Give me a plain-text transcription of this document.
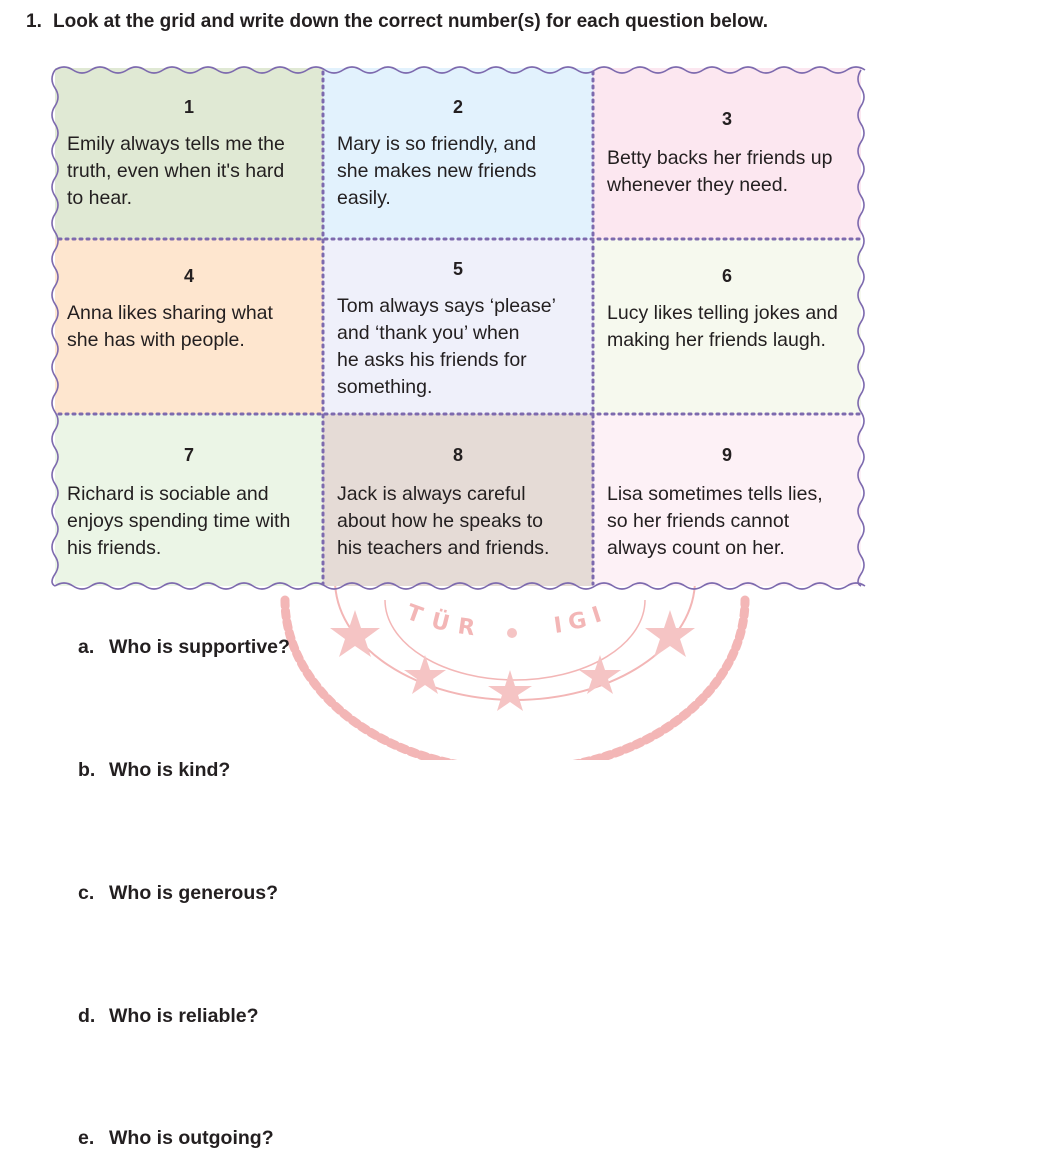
1. Look at the grid and write down the correct number(s) for each question below.
T Ü R	I G I
1
Emily always tells me the
truth, even when it's hard
to hear.
2
Mary is so friendly, and
she makes new friends
easily.
3
Betty backs her friends up
whenever they need.
4
Anna likes sharing what
she has with people.
5
Tom always says ‘please’
and ‘thank you’ when
he asks his friends for
something.
6
Lucy likes telling jokes and
making her friends laugh.
7
Richard is sociable and
enjoys spending time with
his friends.
8
Jack is always careful
about how he speaks to
his teachers and friends.
9
Lisa sometimes tells lies,
so her friends cannot
always count on her.
a. Who is supportive?
b. Who is kind?
c. Who is generous?
d. Who is reliable?
e. Who is outgoing?
